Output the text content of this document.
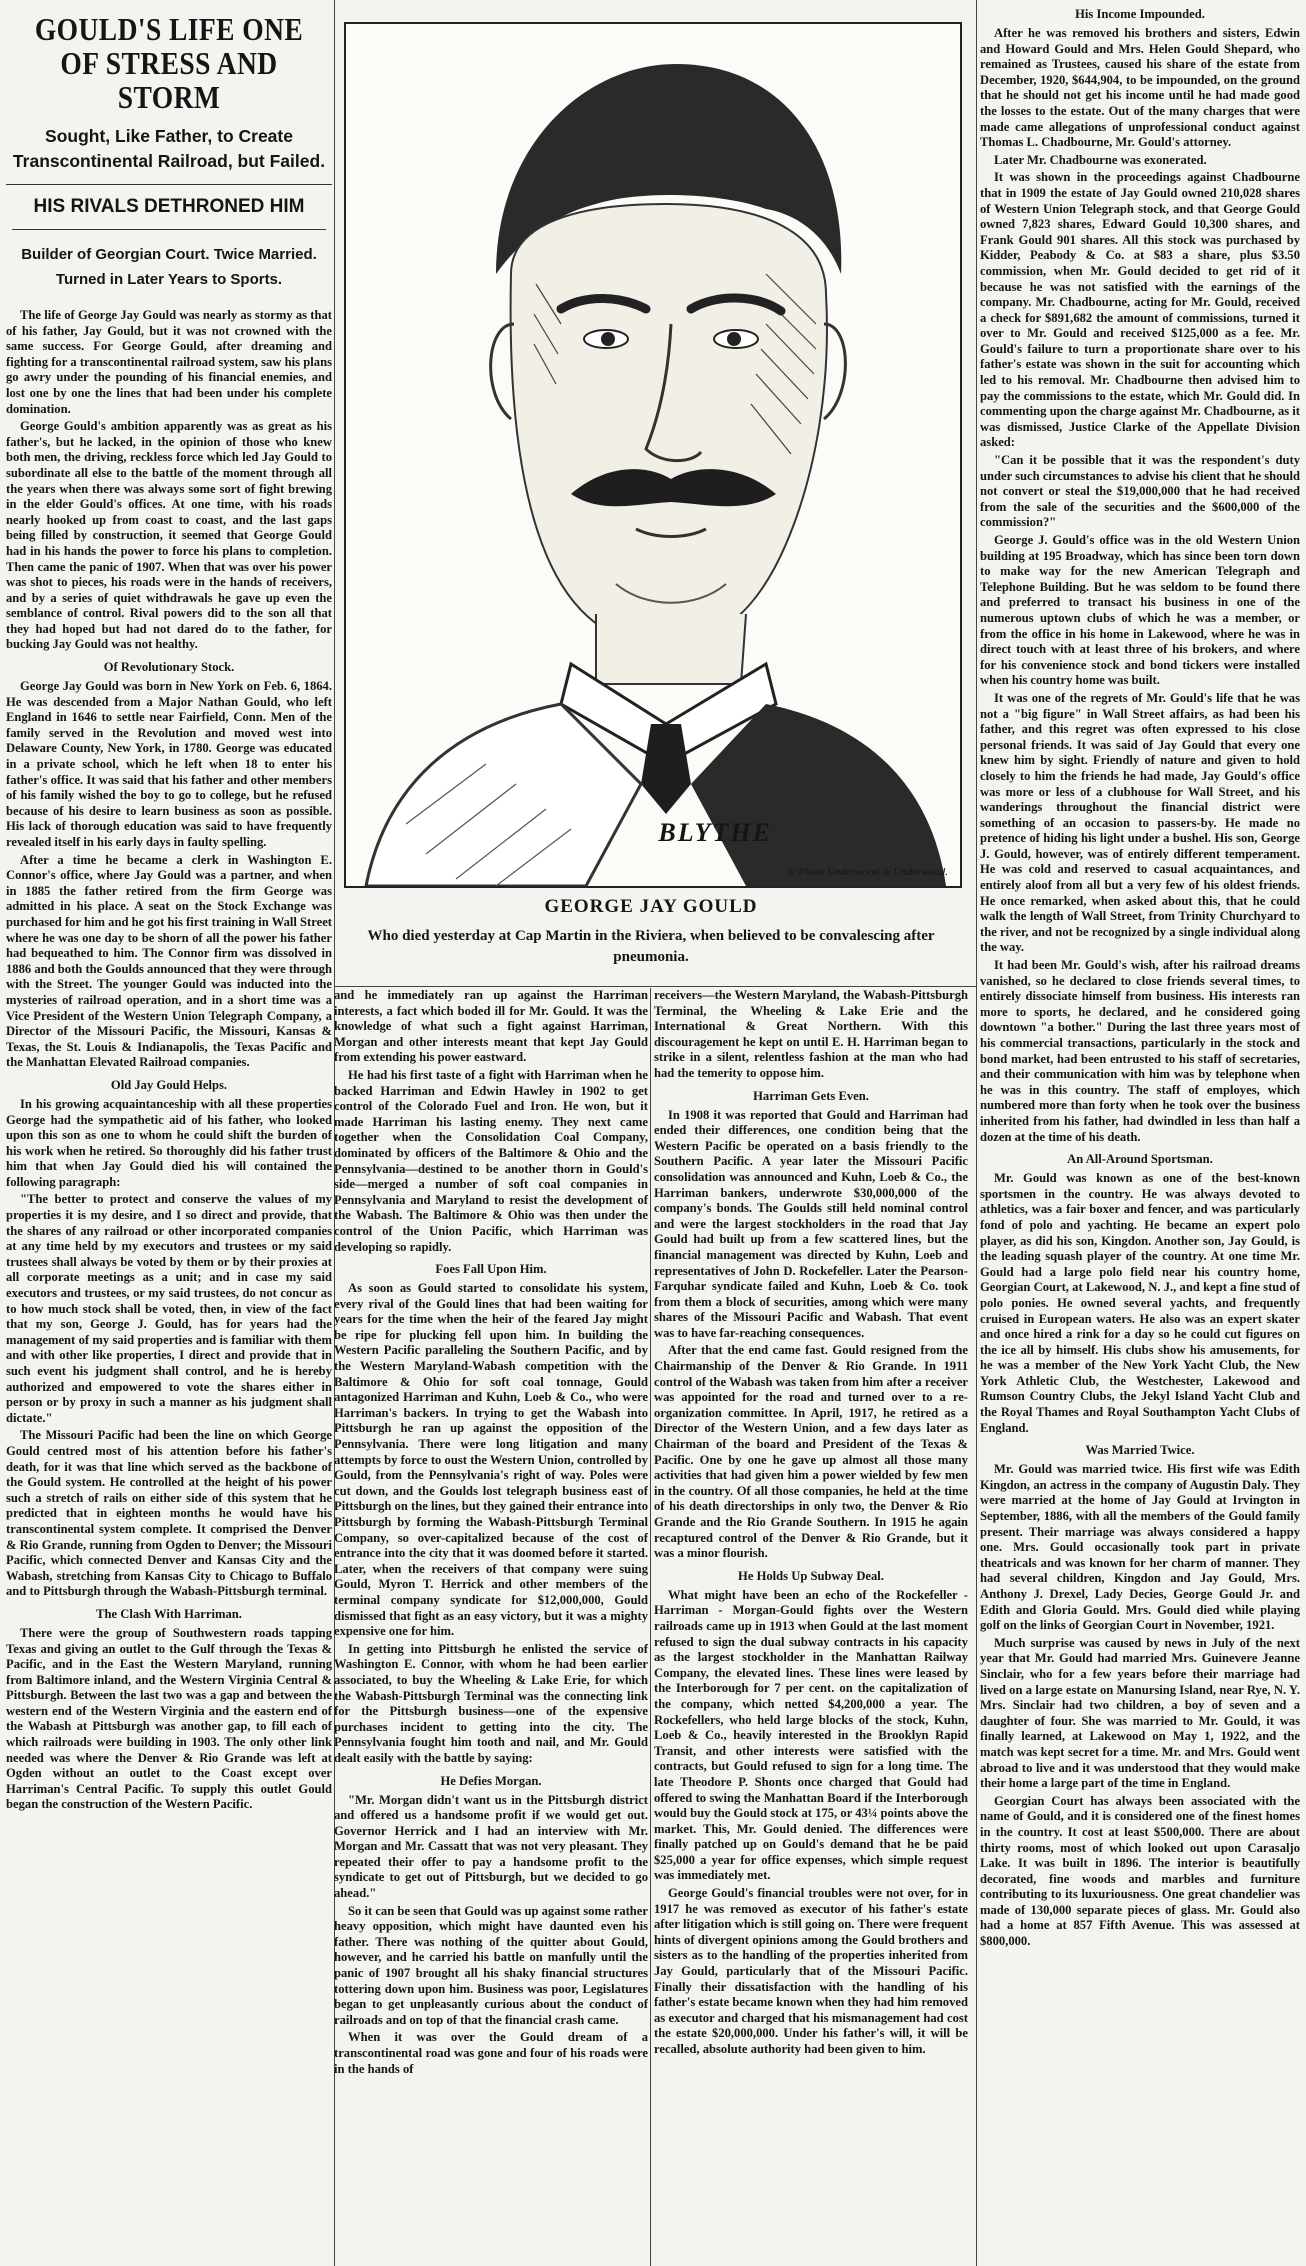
GOULD'S LIFE ONE OF STRESS AND STORM
Sought, Like Father, to Create Transcontinental Railroad, but Failed.
HIS RIVALS DETHRONED HIM
Builder of Georgian Court. Twice Married. Turned in Later Years to Sports.

The life of George Jay Gould was nearly as stormy as that of his father, Jay Gould, but it was not crowned with the same success. For George Gould, after dreaming and fighting for a transcontinental railroad system, saw his plans go awry under the pounding of his financial enemies, and lost one by one the lines that had been under his complete domination.

George Gould's ambition apparently was as great as his father's, but he lacked, in the opinion of those who knew both men, the driving, reckless force which led Jay Gould to subordinate all else to the battle of the moment through all the years when there was always some sort of fight brewing in the elder Gould's offices. At one time, with his roads nearly hooked up from coast to coast, and the last gaps being filled by construction, it seemed that George Gould had in his hands the power to force his plans to completion. Then came the panic of 1907. When that was over his power was shot to pieces, his roads were in the hands of receivers, and by a series of quiet withdrawals he gave up even the semblance of control. Rival powers did to the son all that they had hoped but had not dared do to the father, for bucking Jay Gould was not healthy.

Of Revolutionary Stock.

George Jay Gould was born in New York on Feb. 6, 1864. He was descended from a Major Nathan Gould, who left England in 1646 to settle near Fairfield, Conn. Men of the family served in the Revolution and moved west into Delaware County, New York, in 1780. George was educated in a private school, which he left when 18 to enter his father's office. It was said that his father and other members of his family wished the boy to go to college, but he refused because of his desire to learn business as soon as possible. His lack of thorough education was said to have frequently revealed itself in his early days in faulty spelling.

After a time he became a clerk in Washington E. Connor's office, where Jay Gould was a partner, and when in 1885 the father retired from the firm George was admitted in his place. A seat on the Stock Exchange was purchased for him and he got his first training in Wall Street where he was one day to be shorn of all the power his father had bequeathed to him. The Connor firm was dissolved in 1886 and both the Goulds announced that they were through with the Street. The younger Gould was inducted into the mysteries of railroad operation, and in a short time was a Vice President of the Western Union Telegraph Company, a Director of the Missouri Pacific, the Missouri, Kansas & Texas, the St. Louis & Indianapolis, the Texas Pacific and the Manhattan Elevated Railroad companies.

Old Jay Gould Helps.

In his growing acquaintanceship with all these properties George had the sympathetic aid of his father, who looked upon this son as one to whom he could shift the burden of his work when he retired. So thoroughly did his father trust him that when Jay Gould died his will contained the following paragraph:

"The better to protect and conserve the values of my properties it is my desire, and I so direct and provide, that the shares of any railroad or other incorporated companies at any time held by my executors and trustees or my said trustees shall always be voted by them or by their proxies at all corporate meetings as a unit; and in case my said executors and trustees, or my said trustees, do not concur as to how much stock shall be voted, then, in view of the fact that my son, George J. Gould, has for years had the management of my said properties and is familiar with them and with other like properties, I direct and provide that in such event his judgment shall control, and he is hereby authorized and empowered to vote the shares either in person or by proxy in such a manner as his judgment shall dictate."

The Missouri Pacific had been the line on which George Gould centred most of his attention before his father's death, for it was that line which served as the backbone of the Gould system. He controlled at the height of his power such a stretch of rails on either side of this system that he predicted that in eighteen months he would have his transcontinental system complete. It comprised the Denver & Rio Grande, running from Ogden to Denver; the Missouri Pacific, which connected Denver and Kansas City and the Wabash, stretching from Kansas City to Chicago to Buffalo and to Pittsburgh through the Wabash-Pittsburgh terminal.

The Clash With Harriman.

There were the group of Southwestern roads tapping Texas and giving an outlet to the Gulf through the Texas & Pacific, and in the East the Western Maryland, running from Baltimore inland, and the Western Virginia Central & Pittsburgh. Between the last two was a gap and between the western end of the Western Virginia and the eastern end of the Wabash at Pittsburgh was another gap, to fill each of which railroads were building in 1903. The only other link needed was where the Denver & Rio Grande was left at Ogden without an outlet to the Coast except over Harriman's Central Pacific. To supply this outlet Gould began the construction of the Western Pacific.

BLYTHE
© Photo Underwood & Underwood.
GEORGE JAY GOULD
Who died yesterday at Cap Martin in the Riviera, when believed to be convalescing after pneumonia.

and he immediately ran up against the Harriman interests, a fact which boded ill for Mr. Gould. It was the knowledge of what such a fight against Harriman, Morgan and other interests meant that kept Jay Gould from extending his power eastward.

He had his first taste of a fight with Harriman when he backed Harriman and Edwin Hawley in 1902 to get control of the Colorado Fuel and Iron. He won, but it made Harriman his lasting enemy. They next came together when the Consolidation Coal Company, dominated by officers of the Baltimore & Ohio and the Pennsylvania—destined to be another thorn in Gould's side—merged a number of soft coal companies in Pennsylvania and Maryland to resist the development of the Wabash. The Baltimore & Ohio was then under the control of the Union Pacific, which Harriman was developing so rapidly.

Foes Fall Upon Him.

As soon as Gould started to consolidate his system, every rival of the Gould lines that had been waiting for years for the time when the heir of the feared Jay might be ripe for plucking fell upon him. In building the Western Pacific paralleling the Southern Pacific, and by the Western Maryland-Wabash competition with the Baltimore & Ohio for soft coal tonnage, Gould antagonized Harriman and Kuhn, Loeb & Co., who were Harriman's backers. In trying to get the Wabash into Pittsburgh he ran up against the opposition of the Pennsylvania. There were long litigation and many attempts by force to oust the Western Union, controlled by Gould, from the Pennsylvania's right of way. Poles were cut down, and the Goulds lost telegraph business east of Pittsburgh on the lines, but they gained their entrance into Pittsburgh by forming the Wabash-Pittsburgh Terminal Company, so over-capitalized because of the cost of entrance into the city that it was doomed before it started. Later, when the receivers of that company were suing Gould, Myron T. Herrick and other members of the terminal company syndicate for $12,000,000, Gould dismissed that fight as an easy victory, but it was a mighty expensive one for him.

In getting into Pittsburgh he enlisted the service of Washington E. Connor, with whom he had been earlier associated, to buy the Wheeling & Lake Erie, for which the Wabash-Pittsburgh Terminal was the connecting link for the Pittsburgh business—one of the expensive purchases incident to getting into the city. The Pennsylvania fought him tooth and nail, and Mr. Gould dealt easily with the battle by saying:

He Defies Morgan.

"Mr. Morgan didn't want us in the Pittsburgh district and offered us a handsome profit if we would get out. Governor Herrick and I had an interview with Mr. Morgan and Mr. Cassatt that was not very pleasant. They repeated their offer to pay a handsome profit to the syndicate to get out of Pittsburgh, but we decided to go ahead."

So it can be seen that Gould was up against some rather heavy opposition, which might have daunted even his father. There was nothing of the quitter about Gould, however, and he carried his battle on manfully until the panic of 1907 brought all his shaky financial structures tottering down upon him. Business was poor, Legislatures began to get unpleasantly curious about the conduct of railroads and on top of that the financial crash came.

When it was over the Gould dream of a transcontinental road was gone and four of his roads were in the hands of

receivers—the Western Maryland, the Wabash-Pittsburgh Terminal, the Wheeling & Lake Erie and the International & Great Northern. With this discouragement he kept on until E. H. Harriman began to strike in a silent, relentless fashion at the man who had had the temerity to oppose him.

Harriman Gets Even.

In 1908 it was reported that Gould and Harriman had ended their differences, one condition being that the Western Pacific be operated on a basis friendly to the Southern Pacific. A year later the Missouri Pacific consolidation was announced and Kuhn, Loeb & Co., the Harriman bankers, underwrote $30,000,000 of the company's bonds. The Goulds still held nominal control and were the largest stockholders in the road that Jay Gould had built up from a few scattered lines, but the financial management was directed by Kuhn, Loeb and representatives of John D. Rockefeller. Later the Pearson-Farquhar syndicate failed and Kuhn, Loeb & Co. took from them a block of securities, among which were many shares of the Missouri Pacific and Wabash. That event was to have far-reaching consequences.

After that the end came fast. Gould resigned from the Chairmanship of the Denver & Rio Grande. In 1911 control of the Wabash was taken from him after a receiver was appointed for the road and turned over to a re-organization committee. In April, 1917, he retired as a Director of the Western Union, and a few days later as Chairman of the board and President of the Texas & Pacific. One by one he gave up almost all those many activities that had given him a power wielded by few men in the country. Of all those companies, he held at the time of his death directorships in only two, the Denver & Rio Grande and the Rio Grande Southern. In 1915 he again recaptured control of the Denver & Rio Grande, but it was a minor flourish.

He Holds Up Subway Deal.

What might have been an echo of the Rockefeller - Harriman - Morgan-Gould fights over the Western railroads came up in 1913 when Gould at the last moment refused to sign the dual subway contracts in his capacity as the largest stockholder in the Manhattan Railway Company, the elevated lines. These lines were leased by the Interborough for 7 per cent. on the capitalization of the company, which netted $4,200,000 a year. The Rockefellers, who held large blocks of the stock, Kuhn, Loeb & Co., heavily interested in the Brooklyn Rapid Transit, and other interests were satisfied with the contracts, but Gould refused to sign for a long time. The late Theodore P. Shonts once charged that Gould had offered to swing the Manhattan Board if the Interborough would buy the Gould stock at 175, or 43¼ points above the market. This, Mr. Gould denied. The differences were finally patched up on Gould's demand that he be paid $25,000 a year for office expenses, which simple request was immediately met.

George Gould's financial troubles were not over, for in 1917 he was removed as executor of his father's estate after litigation which is still going on. There were frequent hints of divergent opinions among the Gould brothers and sisters as to the handling of the properties inherited from Jay Gould, particularly that of the Missouri Pacific. Finally their dissatisfaction with the handling of his father's estate became known when they had him removed as executor and charged that his mismanagement had cost the estate $20,000,000. Under his father's will, it will be recalled, absolute authority had been given to him.

His Income Impounded.

After he was removed his brothers and sisters, Edwin and Howard Gould and Mrs. Helen Gould Shepard, who remained as Trustees, caused his share of the estate from December, 1920, $644,904, to be impounded, on the ground that he should not get his income until he had made good the losses to the estate. Out of the many charges that were made came allegations of unprofessional conduct against Thomas L. Chadbourne, Mr. Gould's attorney.

Later Mr. Chadbourne was exonerated.

It was shown in the proceedings against Chadbourne that in 1909 the estate of Jay Gould owned 210,028 shares of Western Union Telegraph stock, and that George Gould owned 7,823 shares, Edward Gould 10,300 shares, and Frank Gould 901 shares. All this stock was purchased by Kidder, Peabody & Co. at $83 a share, plus $3.50 commission, when Mr. Gould decided to get rid of it because he was not satisfied with the earnings of the company. Mr. Chadbourne, acting for Mr. Gould, received a check for $891,682 the amount of commissions, turned it over to Mr. Gould and received $125,000 as a fee. Mr. Gould's failure to turn a proportionate share over to his father's estate was shown in the suit for accounting which led to his removal. Mr. Chadbourne then advised him to pay the commissions to the estate, which Mr. Gould did. In commenting upon the charge against Mr. Chadbourne, as it was dismissed, Justice Clarke of the Appellate Division asked:

"Can it be possible that it was the respondent's duty under such circumstances to advise his client that he should not convert or steal the $19,000,000 that he had received from the sale of the securities and the $600,000 of the commission?"

George J. Gould's office was in the old Western Union building at 195 Broadway, which has since been torn down to make way for the new American Telegraph and Telephone Building. But he was seldom to be found there and preferred to transact his business in one of the numerous uptown clubs of which he was a member, or from the office in his home in Lakewood, where he was in direct touch with at least three of his brokers, and where for his convenience stock and bond tickers were installed when his country home was built.

It was one of the regrets of Mr. Gould's life that he was not a "big figure" in Wall Street affairs, as had been his father, and this regret was often expressed to his close personal friends. It was said of Jay Gould that every one knew him by sight. Friendly of nature and given to hold closely to him the friends he had made, Jay Gould's office was more or less of a clubhouse for Wall Street, and his wanderings throughout the financial district were something of an occasion to passers-by. He made no pretence of hiding his light under a bushel. His son, George J. Gould, however, was of entirely different temperament. He was cold and reserved to casual acquaintances, and entirely aloof from all but a very few of his oldest friends. He once remarked, when asked about this, that he could walk the length of Wall Street, from Trinity Churchyard to the river, and not be recognized by a single individual along the way.

It had been Mr. Gould's wish, after his railroad dreams vanished, so he declared to close friends several times, to entirely dissociate himself from business. His interests ran more to sports, he declared, and he considered going downtown "a bother." During the last three years most of his commercial transactions, particularly in the stock and bond market, had been entrusted to his staff of secretaries, and their communication with him was by telephone when he was in this country. The staff of employes, which numbered more than forty when he took over the business inherited from his father, had dwindled in less than half a dozen at the time of his death.

An All-Around Sportsman.

Mr. Gould was known as one of the best-known sportsmen in the country. He was always devoted to athletics, was a fair boxer and fencer, and was particularly fond of polo and yachting. He became an expert polo player, as did his son, Kingdon. Another son, Jay Gould, is the leading squash player of the country. At one time Mr. Gould had a large polo field near his country home, Georgian Court, at Lakewood, N. J., and kept a fine stud of polo ponies. He owned several yachts, and frequently cruised in European waters. He also was an expert skater and once hired a rink for a day so he could cut figures on the ice all by himself. His clubs show his amusements, for he was a member of the New York Yacht Club, the New York Athletic Club, the Westchester, Lakewood and Rumson Country Clubs, the Jekyl Island Yacht Club and the Royal Thames and Royal Southampton Yacht Clubs of England.

Was Married Twice.

Mr. Gould was married twice. His first wife was Edith Kingdon, an actress in the company of Augustin Daly. They were married at the home of Jay Gould at Irvington in September, 1886, with all the members of the Gould family present. Their marriage was always considered a happy one. Mrs. Gould occasionally took part in private theatricals and was known for her charm of manner. They had several children, Kingdon and Jay Gould, Mrs. Anthony J. Drexel, Lady Decies, George Gould Jr. and Edith and Gloria Gould. Mrs. Gould died while playing golf on the links of Georgian Court in November, 1921.

Much surprise was caused by news in July of the next year that Mr. Gould had married Mrs. Guinevere Jeanne Sinclair, who for a few years before their marriage had lived on a large estate on Manursing Island, near Rye, N. Y. Mrs. Sinclair had two children, a boy of seven and a daughter of four. She was married to Mr. Gould, it was finally learned, at Lakewood on May 1, 1922, and the match was kept secret for a time. Mr. and Mrs. Gould went abroad to live and it was understood that they would make their home a large part of the time in England.

Georgian Court has always been associated with the name of Gould, and it is considered one of the finest homes in the country. It cost at least $500,000. There are about thirty rooms, most of which looked out upon Carasaljo Lake. It was built in 1896. The interior is beautifully decorated, fine woods and marbles and furniture contributing to its luxuriousness. One great chandelier was made of 130,000 separate pieces of glass. Mr. Gould also had a home at 857 Fifth Avenue. This was assessed at $800,000.
